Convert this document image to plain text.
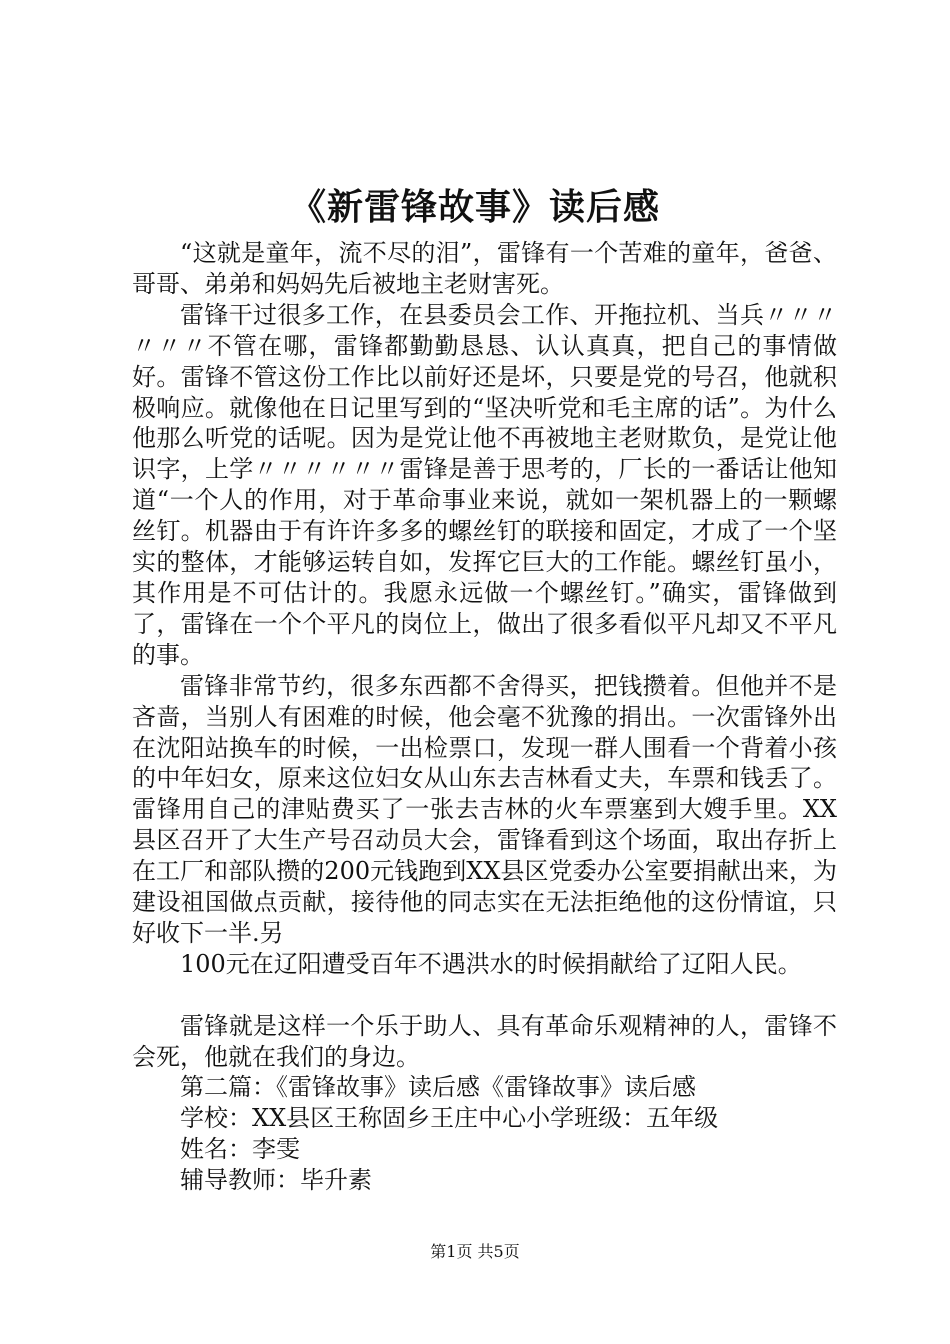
《新雷锋故事》读后感

“这就是童年，流不尽的泪”，雷锋有一个苦难的童年，爸爸、哥哥、弟弟和妈妈先后被地主老财害死。

雷锋干过很多工作，在县委员会工作、开拖拉机、当兵〃〃〃〃〃〃不管在哪，雷锋都勤勤恳恳、认认真真，把自己的事情做好。雷锋不管这份工作比以前好还是坏，只要是党的号召，他就积极响应。就像他在日记里写到的“坚决听党和毛主席的话”。为什么他那么听党的话呢。因为是党让他不再被地主老财欺负，是党让他识字，上学〃〃〃〃〃〃雷锋是善于思考的，厂长的一番话让他知道“一个人的作用，对于革命事业来说，就如一架机器上的一颗螺丝钉。机器由于有许许多多的螺丝钉的联接和固定，才成了一个坚实的整体，才能够运转自如，发挥它巨大的工作能。螺丝钉虽小，其作用是不可估计的。我愿永远做一个螺丝钉。”确实，雷锋做到了，雷锋在一个个平凡的岗位上，做出了很多看似平凡却又不平凡的事。

雷锋非常节约，很多东西都不舍得买，把钱攒着。但他并不是吝啬，当别人有困难的时候，他会毫不犹豫的捐出。一次雷锋外出在沈阳站换车的时候，一出检票口，发现一群人围看一个背着小孩的中年妇女，原来这位妇女从山东去吉林看丈夫，车票和钱丢了。雷锋用自己的津贴费买了一张去吉林的火车票塞到大嫂手里。XX县区召开了大生产号召动员大会，雷锋看到这个场面，取出存折上在工厂和部队攒的200元钱跑到XX县区党委办公室要捐献出来，为建设祖国做点贡献，接待他的同志实在无法拒绝他的这份情谊，只好收下一半.另

100元在辽阳遭受百年不遇洪水的时候捐献给了辽阳人民。

雷锋就是这样一个乐于助人、具有革命乐观精神的人，雷锋不会死，他就在我们的身边。

第二篇：《雷锋故事》读后感《雷锋故事》读后感

学校：XX县区王称固乡王庄中心小学班级：五年级

姓名：李雯

辅导教师：毕升素

第1页 共5页
